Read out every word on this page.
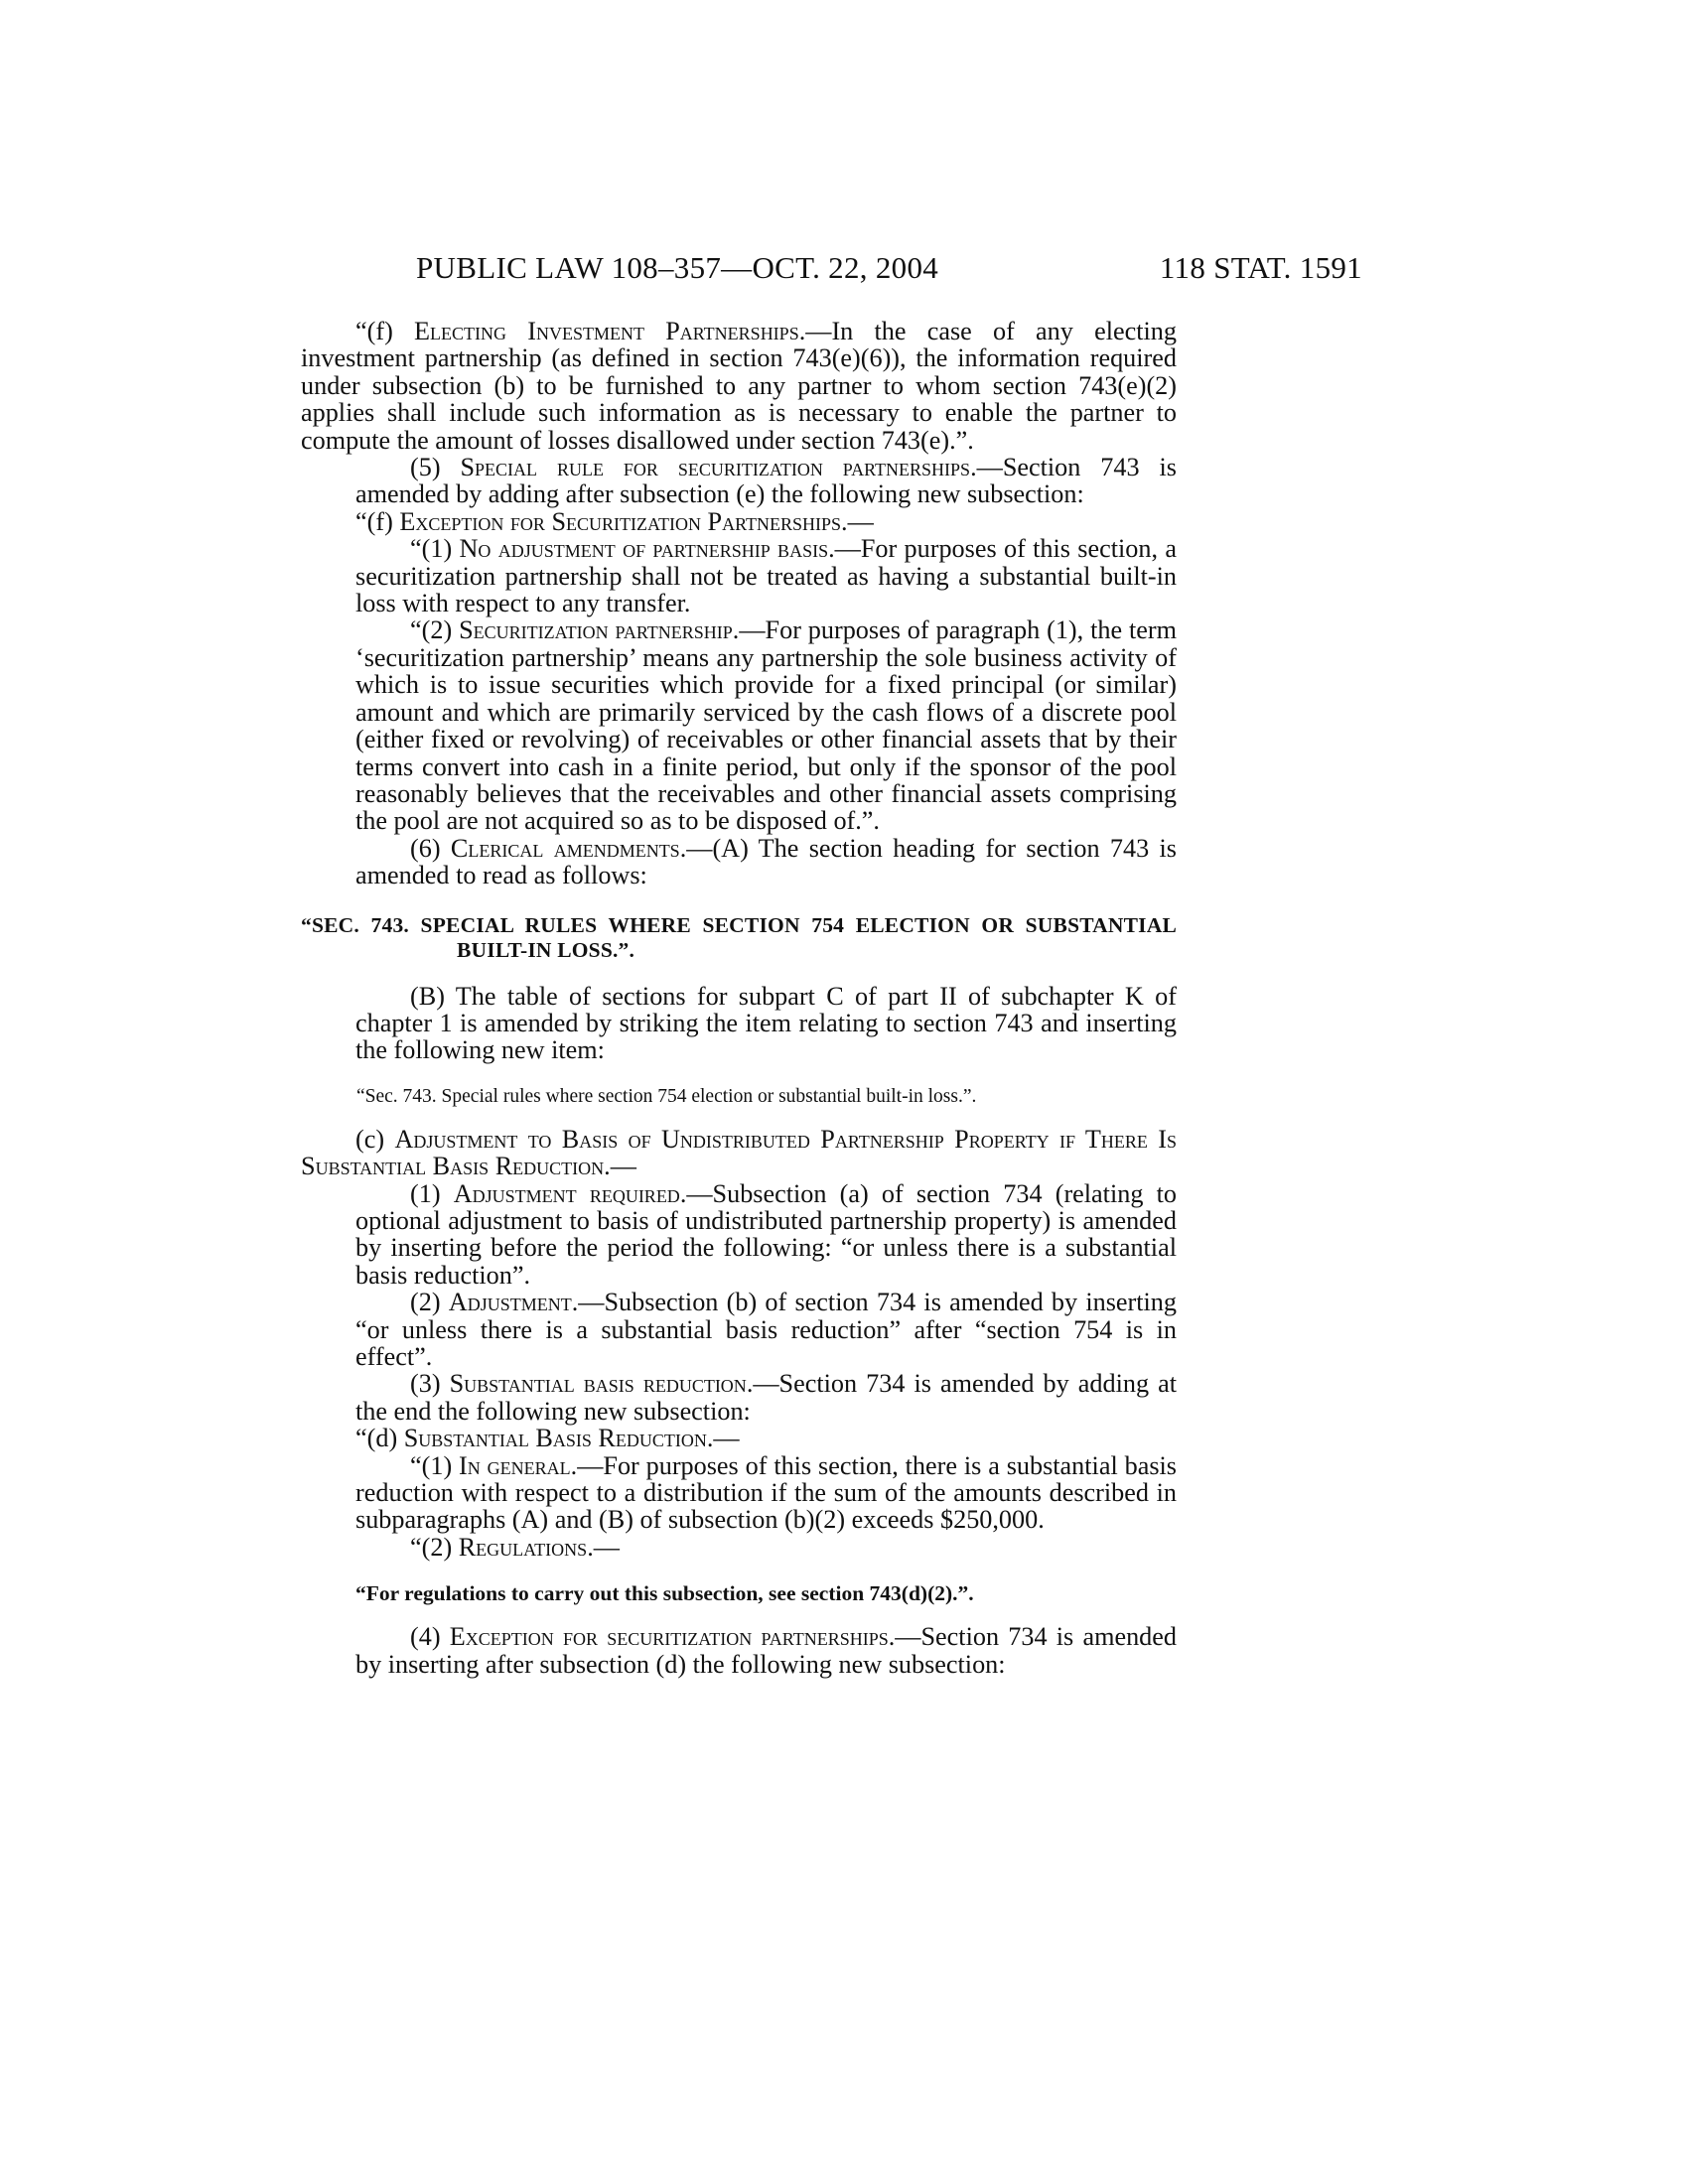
PUBLIC LAW 108–357—OCT. 22, 2004	118 STAT. 1591

“(f) Electing Investment Partnerships.—In the case of any electing investment partnership (as defined in section 743(e)(6)), the information required under subsection (b) to be furnished to any partner to whom section 743(e)(2) applies shall include such information as is necessary to enable the partner to compute the amount of losses disallowed under section 743(e).”.

(5) Special rule for securitization partnerships.—Section 743 is amended by adding after subsection (e) the following new subsection:

“(f) Exception for Securitization Partnerships.—

“(1) No adjustment of partnership basis.—For purposes of this section, a securitization partnership shall not be treated as having a substantial built-in loss with respect to any transfer.

“(2) Securitization partnership.—For purposes of paragraph (1), the term ‘securitization partnership’ means any partnership the sole business activity of which is to issue securities which provide for a fixed principal (or similar) amount and which are primarily serviced by the cash flows of a discrete pool (either fixed or revolving) of receivables or other financial assets that by their terms convert into cash in a finite period, but only if the sponsor of the pool reasonably believes that the receivables and other financial assets comprising the pool are not acquired so as to be disposed of.”.

(6) Clerical amendments.—(A) The section heading for section 743 is amended to read as follows:

“SEC. 743. SPECIAL RULES WHERE SECTION 754 ELECTION OR SUBSTANTIAL BUILT-IN LOSS.”.

(B) The table of sections for subpart C of part II of subchapter K of chapter 1 is amended by striking the item relating to section 743 and inserting the following new item:

“Sec. 743. Special rules where section 754 election or substantial built-in loss.”.

(c) Adjustment to Basis of Undistributed Partnership Property if There Is Substantial Basis Reduction.—

(1) Adjustment required.—Subsection (a) of section 734 (relating to optional adjustment to basis of undistributed partnership property) is amended by inserting before the period the following: “or unless there is a substantial basis reduction”.

(2) Adjustment.—Subsection (b) of section 734 is amended by inserting “or unless there is a substantial basis reduction” after “section 754 is in effect”.

(3) Substantial basis reduction.—Section 734 is amended by adding at the end the following new subsection:

“(d) Substantial Basis Reduction.—

“(1) In general.—For purposes of this section, there is a substantial basis reduction with respect to a distribution if the sum of the amounts described in subparagraphs (A) and (B) of subsection (b)(2) exceeds $250,000.

“(2) Regulations.—

“For regulations to carry out this subsection, see section 743(d)(2).”.

(4) Exception for securitization partnerships.—Section 734 is amended by inserting after subsection (d) the following new subsection:
